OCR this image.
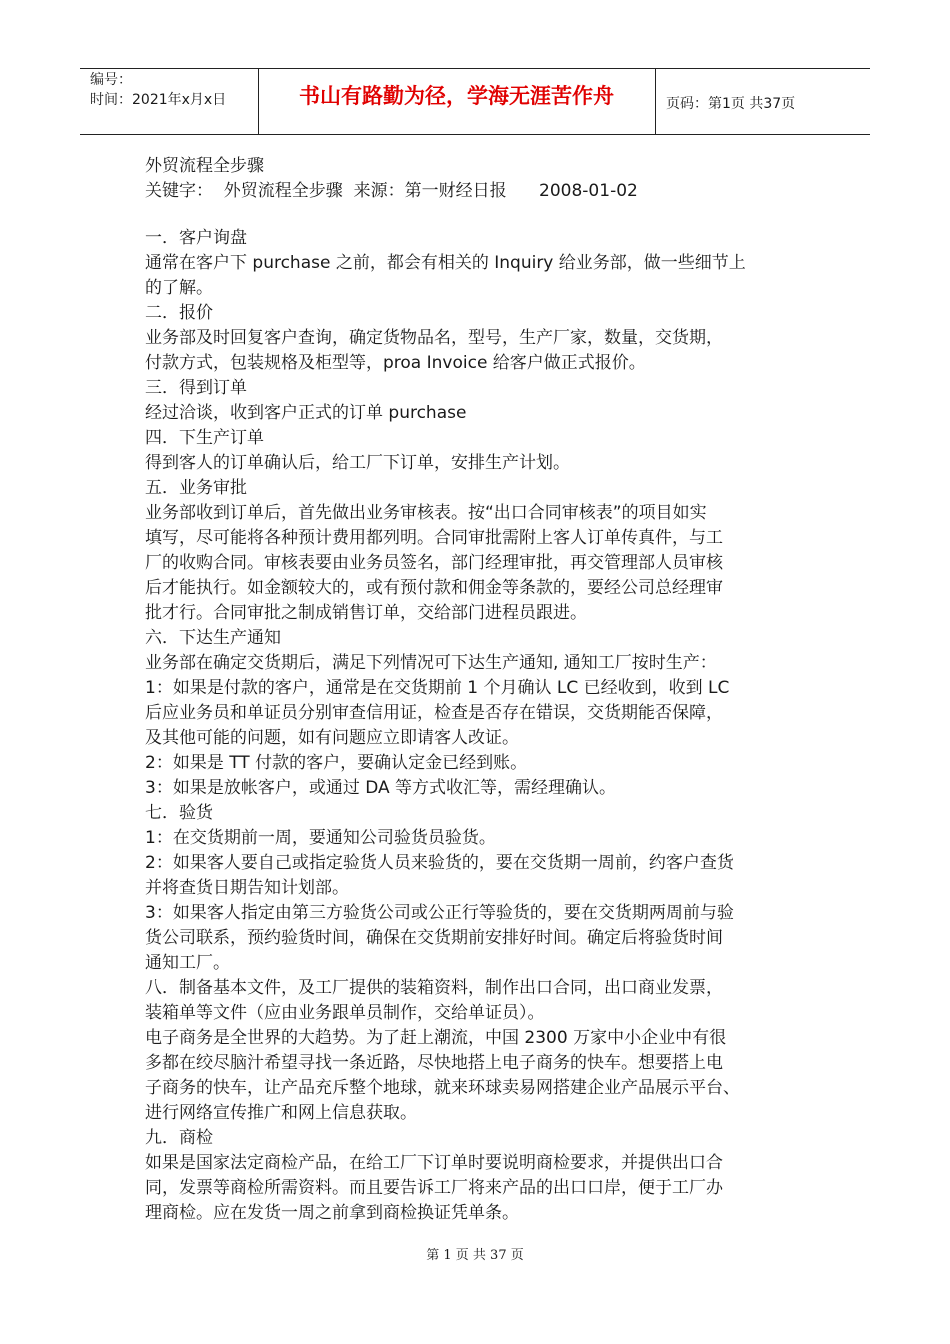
编号：
时间：2021年x月x日	书山有路勤为径，学海无涯苦作舟	页码：第1页 共37页
外贸流程全步骤
关键字：  外贸流程全步骤  来源：第一财经日报      2008-01-02
一．客户询盘
通常在客户下 purchase 之前，都会有相关的 Inquiry 给业务部，做一些细节上
的了解。
二．报价
业务部及时回复客户查询，确定货物品名，型号，生产厂家，数量，交货期，
付款方式，包装规格及柜型等，proa Invoice 给客户做正式报价。
三．得到订单
经过洽谈，收到客户正式的订单 purchase
四．下生产订单
得到客人的订单确认后，给工厂下订单，安排生产计划。
五．业务审批
业务部收到订单后，首先做出业务审核表。按“出口合同审核表”的项目如实
填写，尽可能将各种预计费用都列明。合同审批需附上客人订单传真件，与工
厂的收购合同。审核表要由业务员签名，部门经理审批，再交管理部人员审核
后才能执行。如金额较大的，或有预付款和佣金等条款的，要经公司总经理审
批才行。合同审批之制成销售订单，交给部门进程员跟进。
六．下达生产通知
业务部在确定交货期后，满足下列情况可下达生产通知, 通知工厂按时生产：
1：如果是付款的客户，通常是在交货期前 1 个月确认 LC 已经收到，收到 LC
后应业务员和单证员分别审查信用证，检查是否存在错误，交货期能否保障，
及其他可能的问题，如有问题应立即请客人改证。
2：如果是 TT 付款的客户，要确认定金已经到账。
3：如果是放帐客户，或通过 DA 等方式收汇等，需经理确认。
七．验货
1：在交货期前一周，要通知公司验货员验货。
2：如果客人要自己或指定验货人员来验货的，要在交货期一周前，约客户查货
并将查货日期告知计划部。
3：如果客人指定由第三方验货公司或公正行等验货的，要在交货期两周前与验
货公司联系，预约验货时间，确保在交货期前安排好时间。确定后将验货时间
通知工厂。
八．制备基本文件，及工厂提供的装箱资料，制作出口合同，出口商业发票，
装箱单等文件（应由业务跟单员制作，交给单证员）。
电子商务是全世界的大趋势。为了赶上潮流，中国 2300 万家中小企业中有很
多都在绞尽脑汁希望寻找一条近路，尽快地搭上电子商务的快车。想要搭上电
子商务的快车，让产品充斥整个地球，就来环球卖易网搭建企业产品展示平台、
进行网络宣传推广和网上信息获取。
九．商检
如果是国家法定商检产品，在给工厂下订单时要说明商检要求，并提供出口合
同，发票等商检所需资料。而且要告诉工厂将来产品的出口口岸，便于工厂办
理商检。应在发货一周之前拿到商检换证凭单条。
第 1 页 共 37 页
